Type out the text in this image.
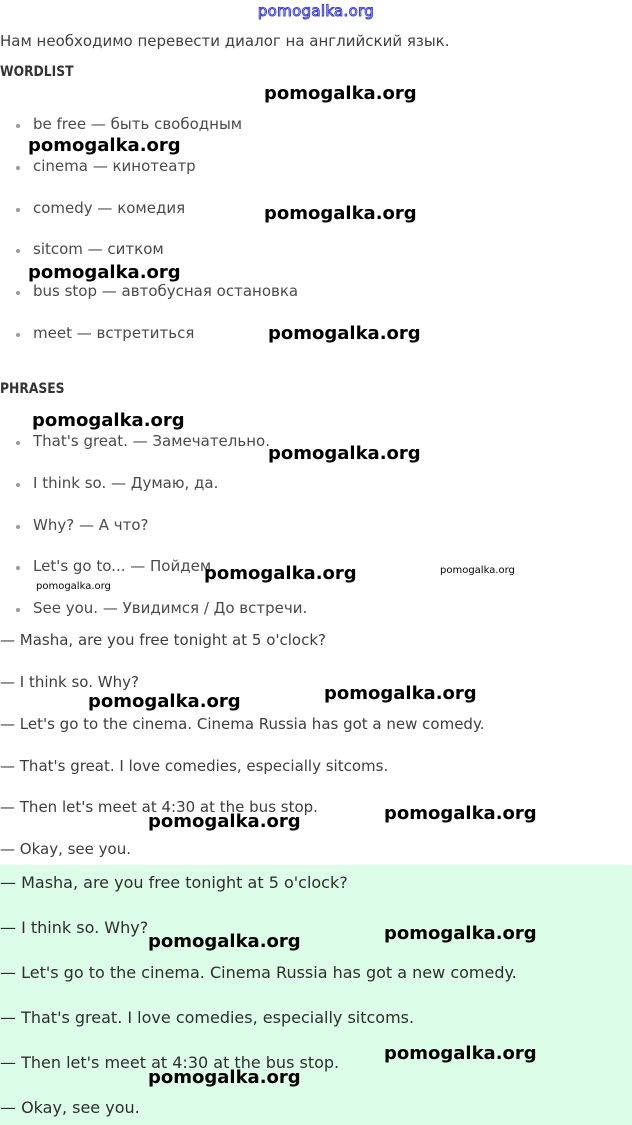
pomogalka.org
Нам необходимо перевести диалог на английский язык.
WORDLIST
be free — быть свободным
cinema — кинотеатр
comedy — комедия
sitcom — ситком
bus stop — автобусная остановка
meet — встретиться
PHRASES
That's great. — Замечательно.
I think so. — Думаю, да.
Why? — А что?
Let's go to... — Пойдем
See you. — Увидимся / До встречи.
— Masha, are you free tonight at 5 o'clock?
— I think so. Why?
— Let's go to the cinema. Cinema Russia has got a new comedy.
— That's great. I love comedies, especially sitcoms.
— Then let's meet at 4:30 at the bus stop.
— Okay, see you.
— Masha, are you free tonight at 5 o'clock?
— I think so. Why?
— Let's go to the cinema. Cinema Russia has got a new comedy.
— That's great. I love comedies, especially sitcoms.
— Then let's meet at 4:30 at the bus stop.
— Okay, see you.
pomogalka.org
pomogalka.org
pomogalka.org
pomogalka.org
pomogalka.org
pomogalka.org
pomogalka.org
pomogalka.org	pomogalka.org
pomogalka.org
pomogalka.org	pomogalka.org
pomogalka.org	pomogalka.org
pomogalka.org	pomogalka.org
pomogalka.org
pomogalka.org
